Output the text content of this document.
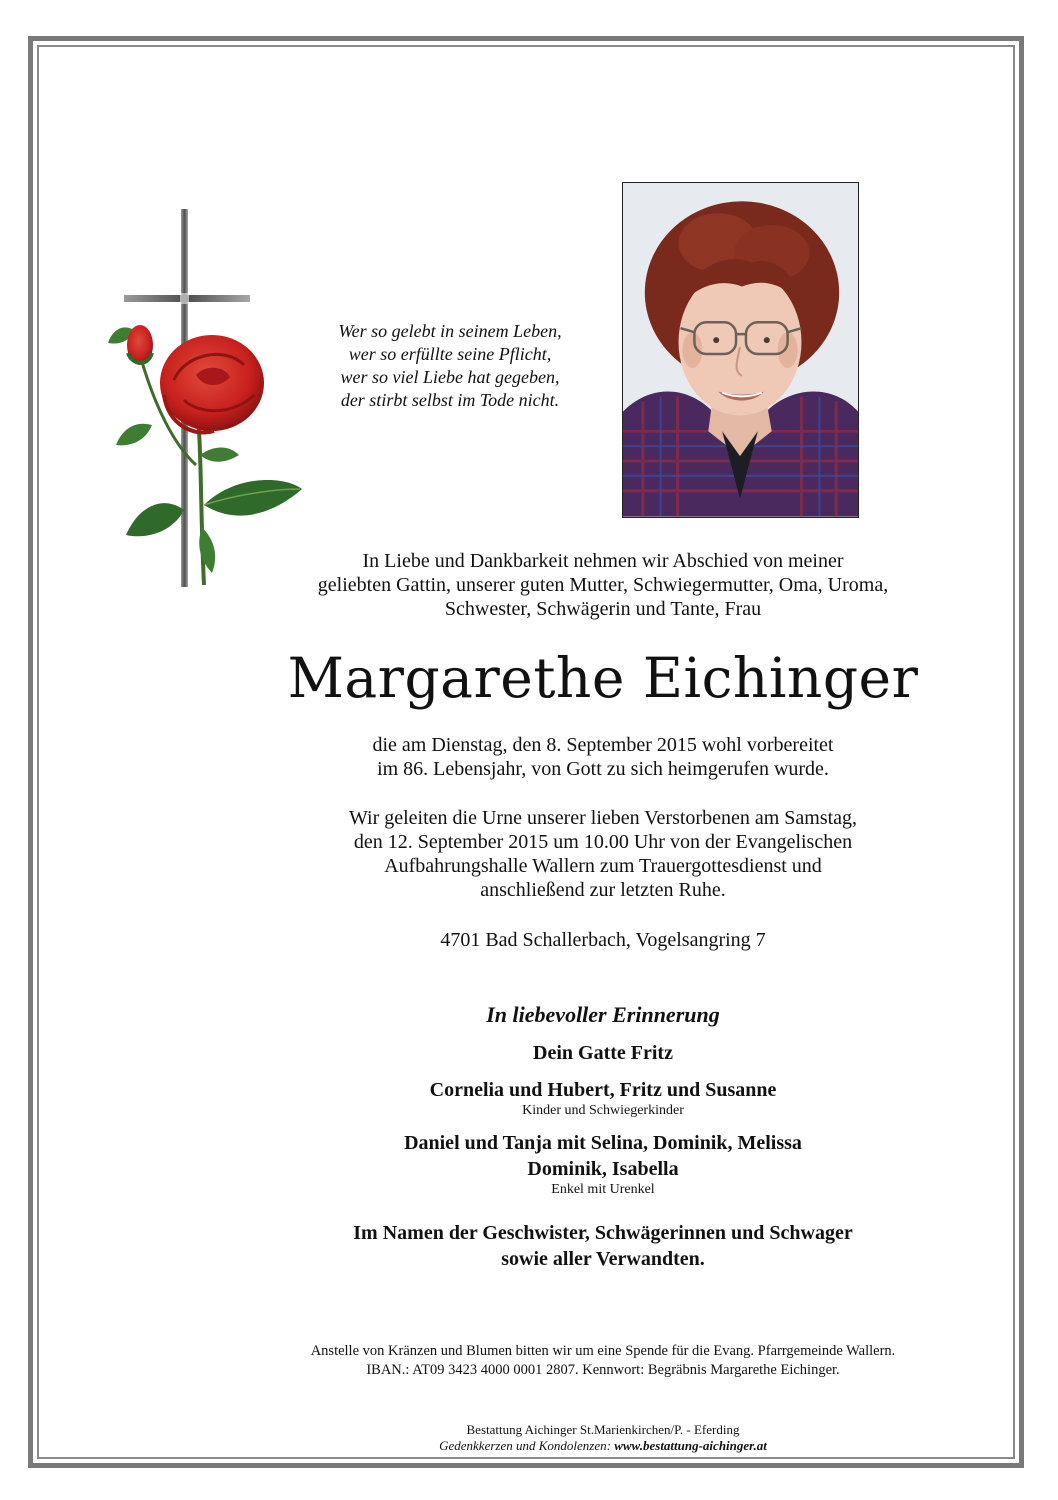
Wer so gelebt in seinem Leben,
wer so erfüllte seine Pflicht,
wer so viel Liebe hat gegeben,
der stirbt selbst im Tode nicht.
In Liebe und Dankbarkeit nehmen wir Abschied von meiner
geliebten Gattin, unserer guten Mutter, Schwiegermutter, Oma, Uroma,
Schwester, Schwägerin und Tante, Frau
Margarethe Eichinger
die am Dienstag, den 8. September 2015 wohl vorbereitet
im 86. Lebensjahr, von Gott zu sich heimgerufen wurde.
Wir geleiten die Urne unserer lieben Verstorbenen am Samstag,
den 12. September 2015 um 10.00 Uhr von der Evangelischen
Aufbahrungshalle Wallern zum Trauergottesdienst und
anschließend zur letzten Ruhe.
4701 Bad Schallerbach, Vogelsangring 7
In liebevoller Erinnerung
Dein Gatte Fritz
Cornelia und Hubert, Fritz und Susanne
Kinder und Schwiegerkinder
Daniel und Tanja mit Selina, Dominik, Melissa
Dominik, Isabella
Enkel mit Urenkel
Im Namen der Geschwister, Schwägerinnen und Schwager
sowie aller Verwandten.
Anstelle von Kränzen und Blumen bitten wir um eine Spende für die Evang. Pfarrgemeinde Wallern.
IBAN.: AT09 3423 4000 0001 2807. Kennwort: Begräbnis Margarethe Eichinger.
Bestattung Aichinger St.Marienkirchen/P. - Eferding
Gedenkkerzen und Kondolenzen: www.bestattung-aichinger.at
